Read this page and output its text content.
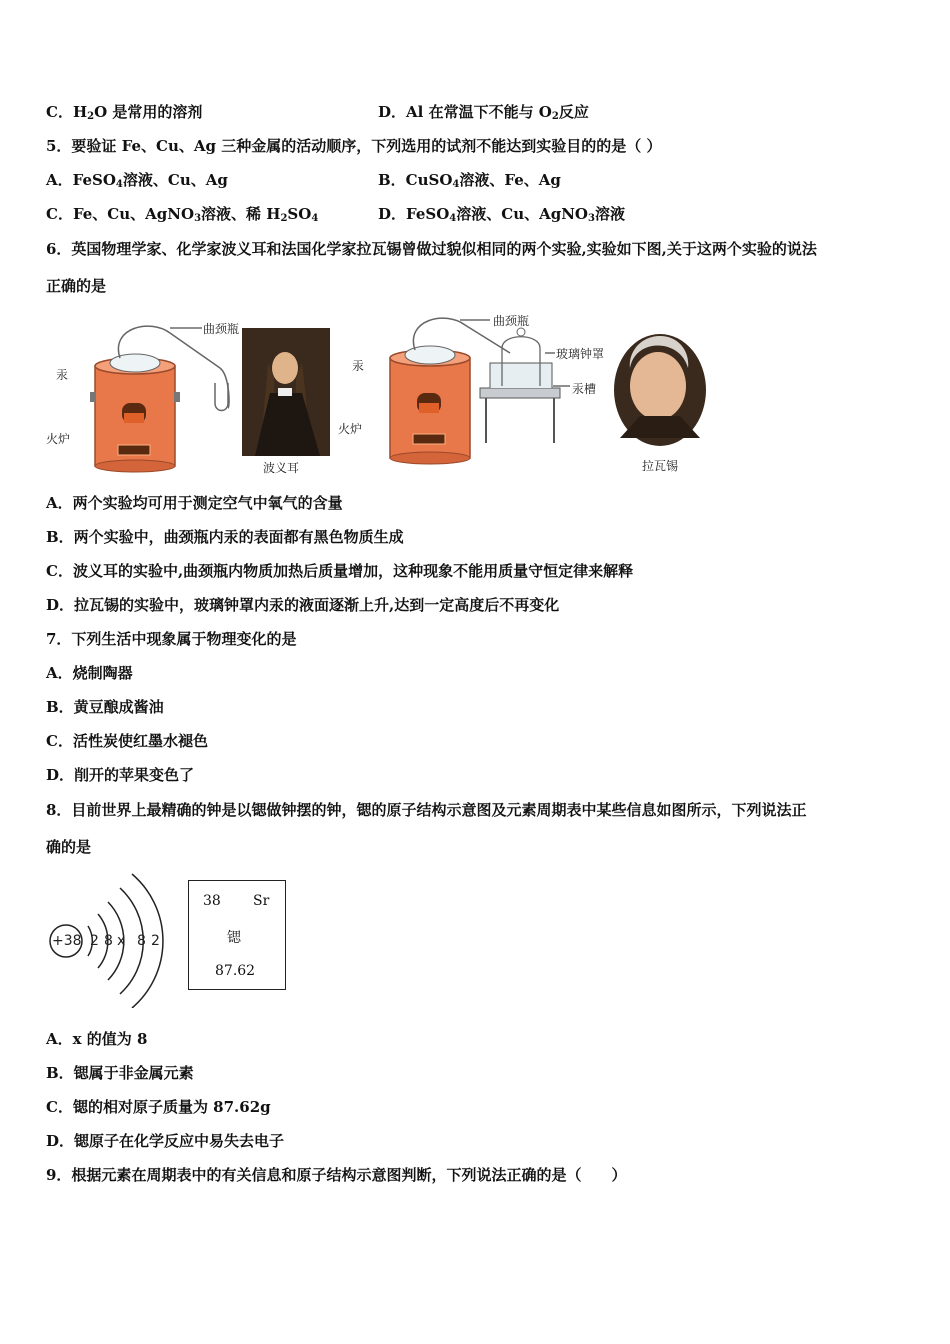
C．$H_2O$ 是常用的溶剂	D．Al 在常温下不能与 $O_2$反应
5．要验证 Fe、Cu、Ag 三种金属的活动顺序，下列选用的试剂不能达到实验目的的是（ ）
A．FeSO$_4$溶液、Cu、Ag	B．CuSO$_4$溶液、Fe、Ag
C．Fe、Cu、AgNO$_3$溶液、稀 $H_2SO_4$	D．FeSO$_4$溶液、Cu、AgNO$_3$溶液
6．英国物理学家、化学家波义耳和法国化学家拉瓦锡曾做过貌似相同的两个实验,实验如下图,关于这两个实验的说法
正确的是
曲颈瓶
汞
火炉
波义耳
曲颈瓶
汞
玻璃钟罩
汞槽
火炉
拉瓦锡
A．两个实验均可用于测定空气中氧气的含量
B．两个实验中，曲颈瓶内汞的表面都有黑色物质生成
C．波义耳的实验中,曲颈瓶内物质加热后质量增加，这种现象不能用质量守恒定律来解释
D．拉瓦锡的实验中，玻璃钟罩内汞的液面逐渐上升,达到一定高度后不再变化
7．下列生活中现象属于物理变化的是
A．烧制陶器
B．黄豆酿成酱油
C．活性炭使红墨水褪色
D．削开的苹果变色了
8．目前世界上最精确的钟是以锶做钟摆的钟，锶的原子结构示意图及元素周期表中某些信息如图所示，下列说法正
确的是
+38 2 8 x 8 2
38 Sr
锶
87.62
A．x 的值为 8
B．锶属于非金属元素
C．锶的相对原子质量为 87.62g
D．锶原子在化学反应中易失去电子
9．根据元素在周期表中的有关信息和原子结构示意图判断，下列说法正确的是（　　）
